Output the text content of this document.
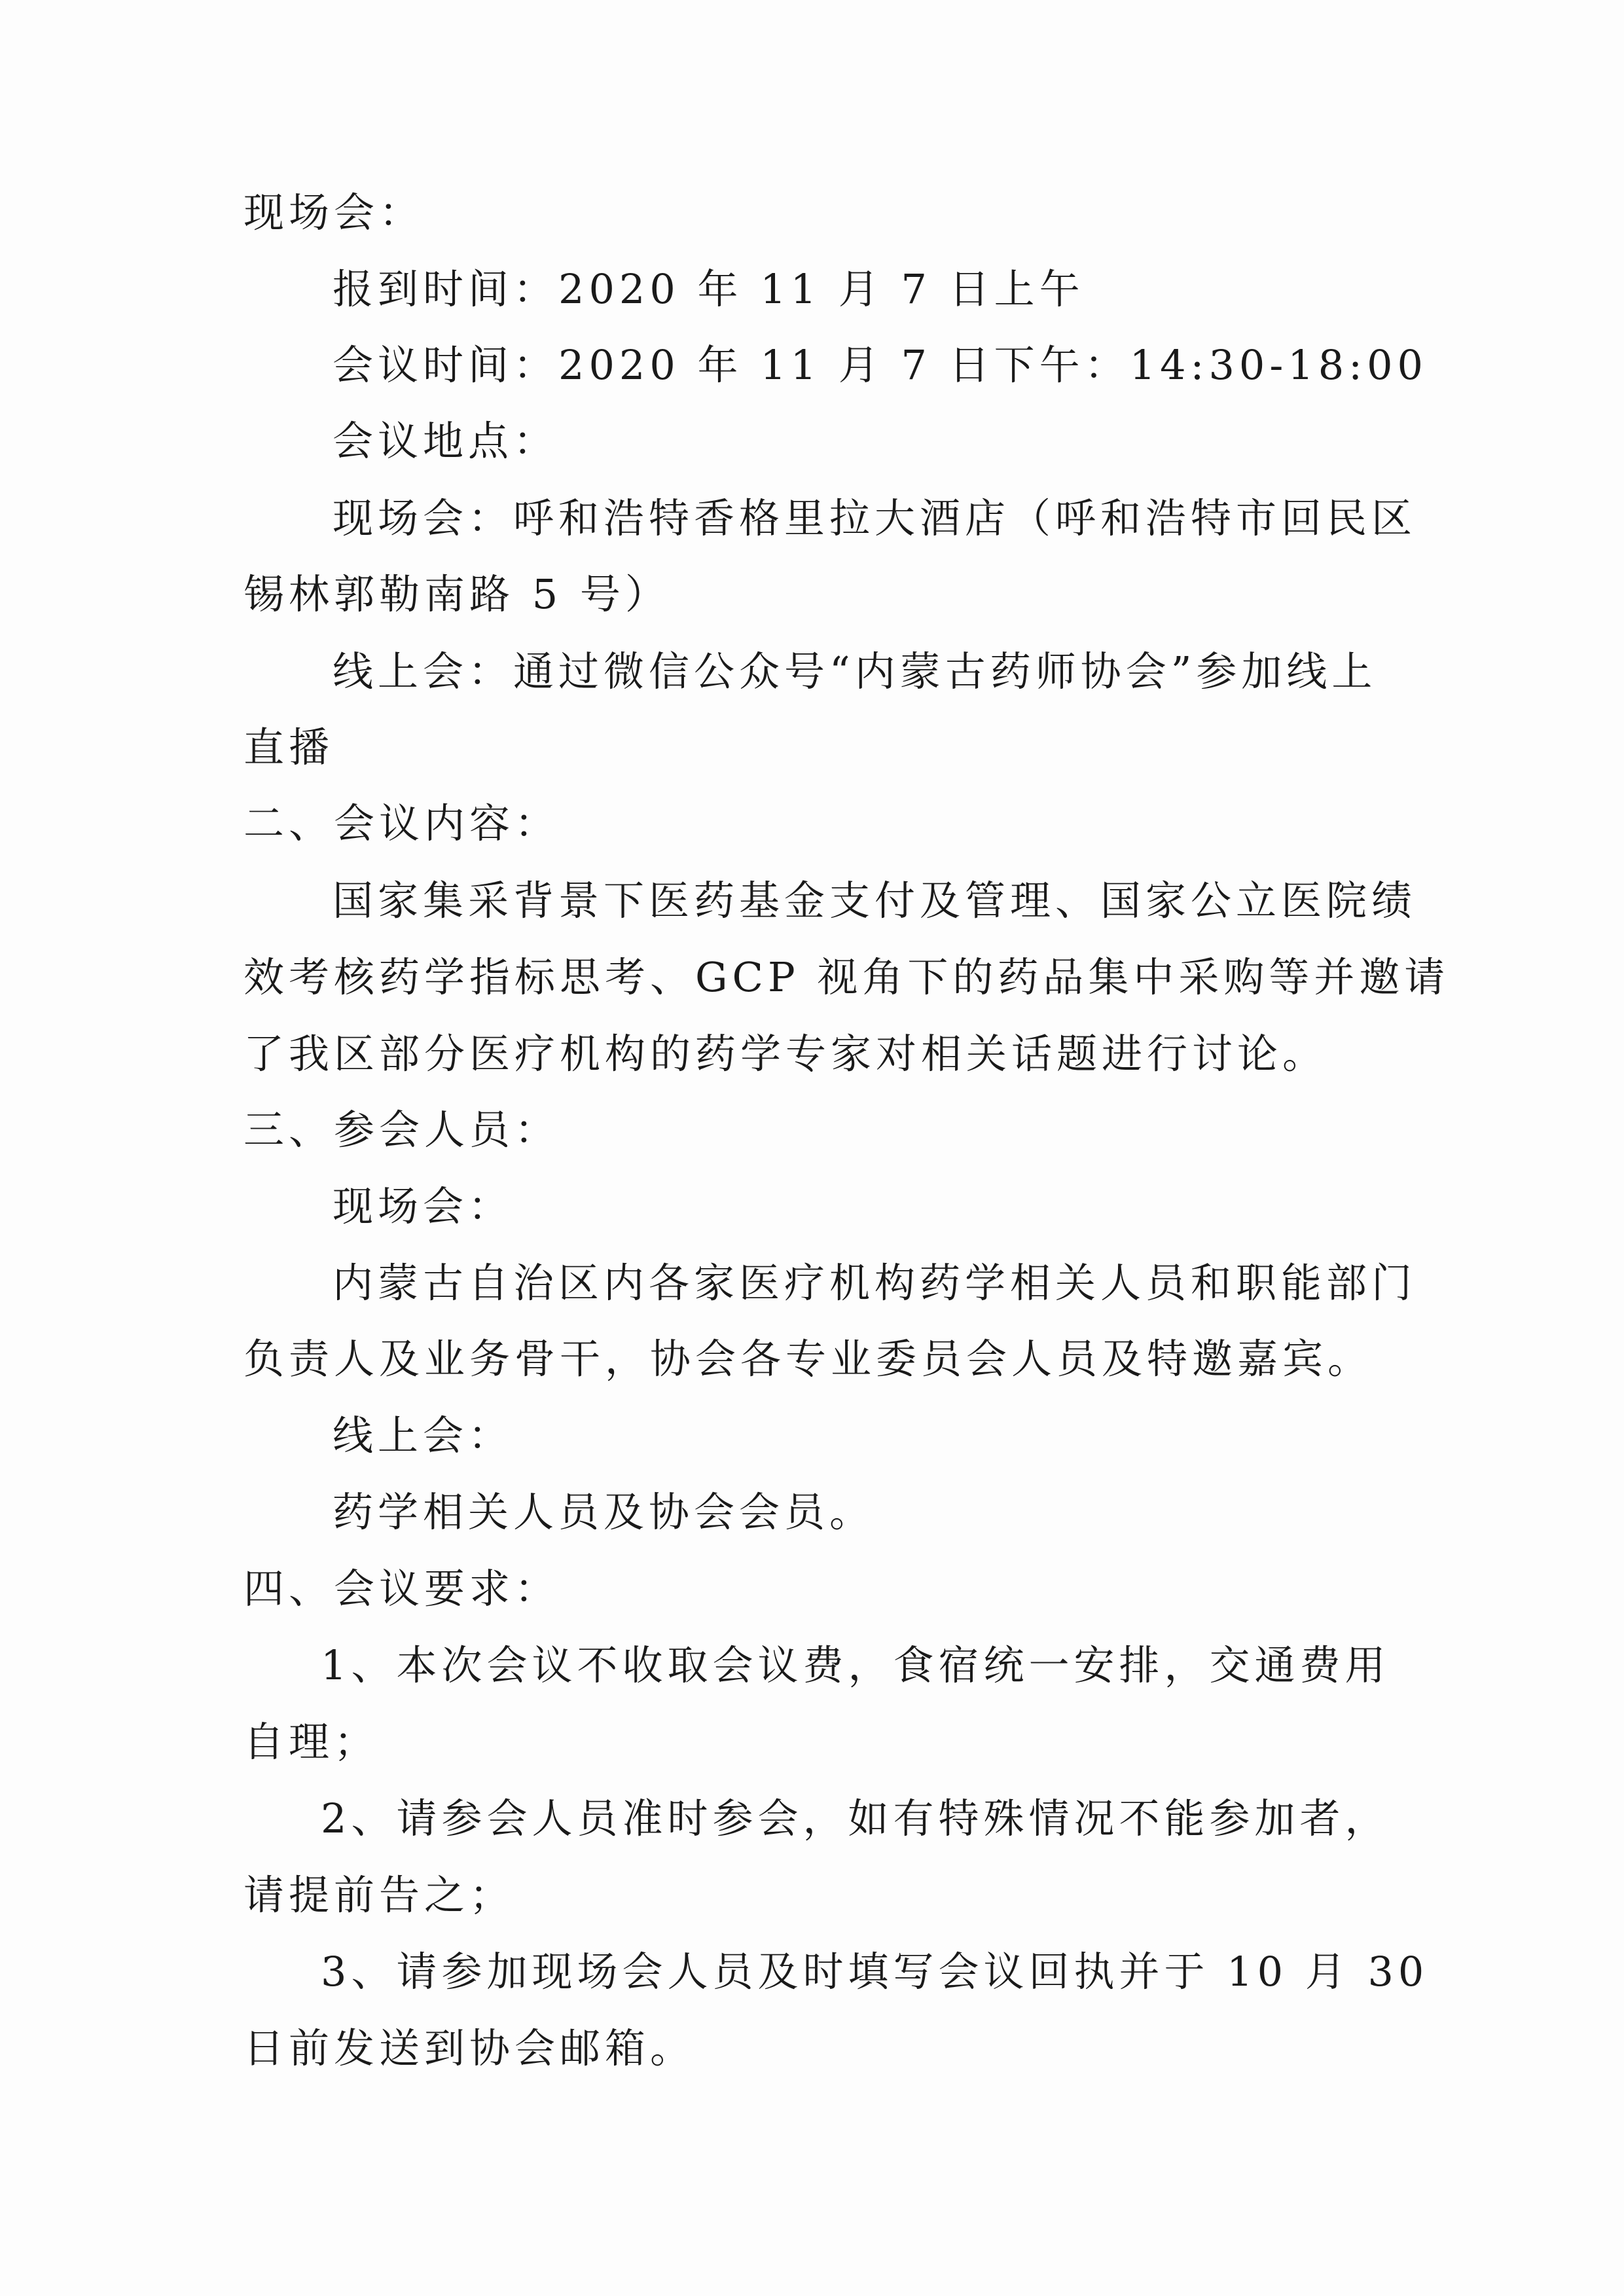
现场会：
报到时间：2020 年 11 月 7 日上午
会议时间：2020 年 11 月 7 日下午：14:30-18:00
会议地点：
现场会：呼和浩特香格里拉大酒店（呼和浩特市回民区
锡林郭勒南路 5 号）
线上会：通过微信公众号“内蒙古药师协会”参加线上
直播
二、会议内容：
国家集采背景下医药基金支付及管理、国家公立医院绩
效考核药学指标思考、GCP 视角下的药品集中采购等并邀请
了我区部分医疗机构的药学专家对相关话题进行讨论。
三、参会人员：
现场会：
内蒙古自治区内各家医疗机构药学相关人员和职能部门
负责人及业务骨干，协会各专业委员会人员及特邀嘉宾。
线上会：
药学相关人员及协会会员。
四、会议要求：
1、本次会议不收取会议费，食宿统一安排，交通费用
自理；
2、请参会人员准时参会，如有特殊情况不能参加者，
请提前告之；
3、请参加现场会人员及时填写会议回执并于 10 月 30
日前发送到协会邮箱。
